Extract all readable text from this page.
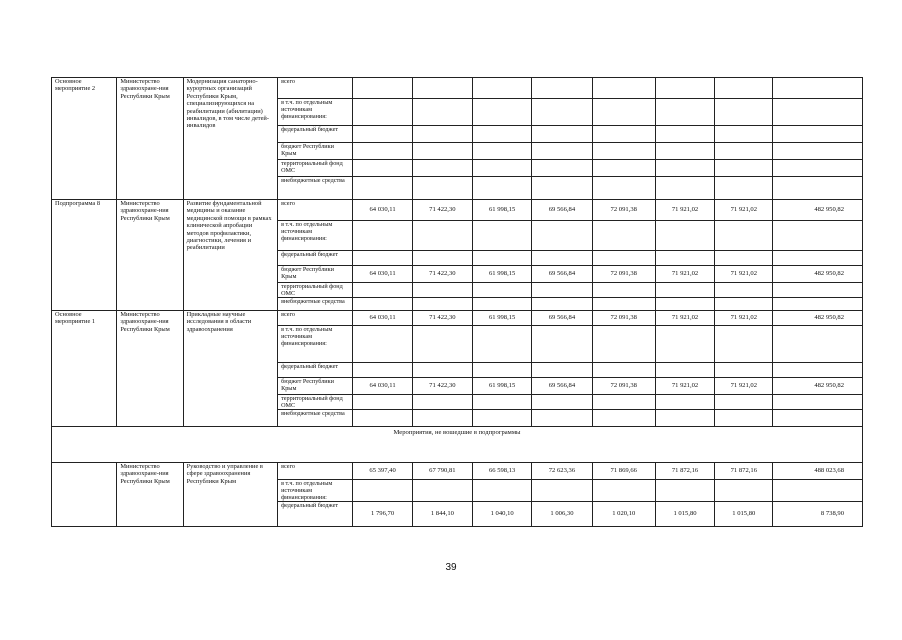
Основное мероприятие 2	Министерство здравоохране-ния Республики Крым	Модернизация санаторно-курортных организаций Республики Крым, специализирующихся на реабилитации (абилитации) инвалидов, в том числе детей-инвалидов	всего								
			в т.ч. по отдельным источникам финансирования:								
			федеральный бюджет								
			бюджет Республики Крым								
			территориальный фонд ОМС								
			внебюджетные средства								
Подпрограмма 8	Министерство здравоохране-ния Республики Крым	Развитие фундаментальной медицины и оказание медицинской помощи в рамках клинической апробации методов профилактики, диагностики, лечения и реабилитации	всего	64 030,11	71 422,30	61 998,15	69 566,84	72 091,38	71 921,02	71 921,02	482 950,82
			в т.ч. по отдельным источникам финансирования:								
			федеральный бюджет								
			бюджет Республики Крым	64 030,11	71 422,30	61 998,15	69 566,84	72 091,38	71 921,02	71 921,02	482 950,82
			территориальный фонд ОМС								
			внебюджетные средства								
Основное мероприятие 1	Министерство здравоохране-ния Республики Крым	Прикладные научные исследования в области здравоохранения	всего	64 030,11	71 422,30	61 998,15	69 566,84	72 091,38	71 921,02	71 921,02	482 950,82
			в т.ч. по отдельным источникам финансирования:								
			федеральный бюджет								
			бюджет Республики Крым	64 030,11	71 422,30	61 998,15	69 566,84	72 091,38	71 921,02	71 921,02	482 950,82
			территориальный фонд ОМС								
			внебюджетные средства								
Мероприятия, не вошедшие в подпрограммы											
	Министерство здравоохране-ния Республики Крым	Руководство и управление в сфере здравоохранения Республики Крым	всего	65 397,40	67 790,81	66 598,13	72 623,36	71 869,66	71 872,16	71 872,16	488 023,68
			в т.ч. по отдельным источникам финансирования:								
			федеральный бюджет	1 796,70	1 844,10	1 040,10	1 006,30	1 020,10	1 015,80	1 015,80	8 738,90
39
